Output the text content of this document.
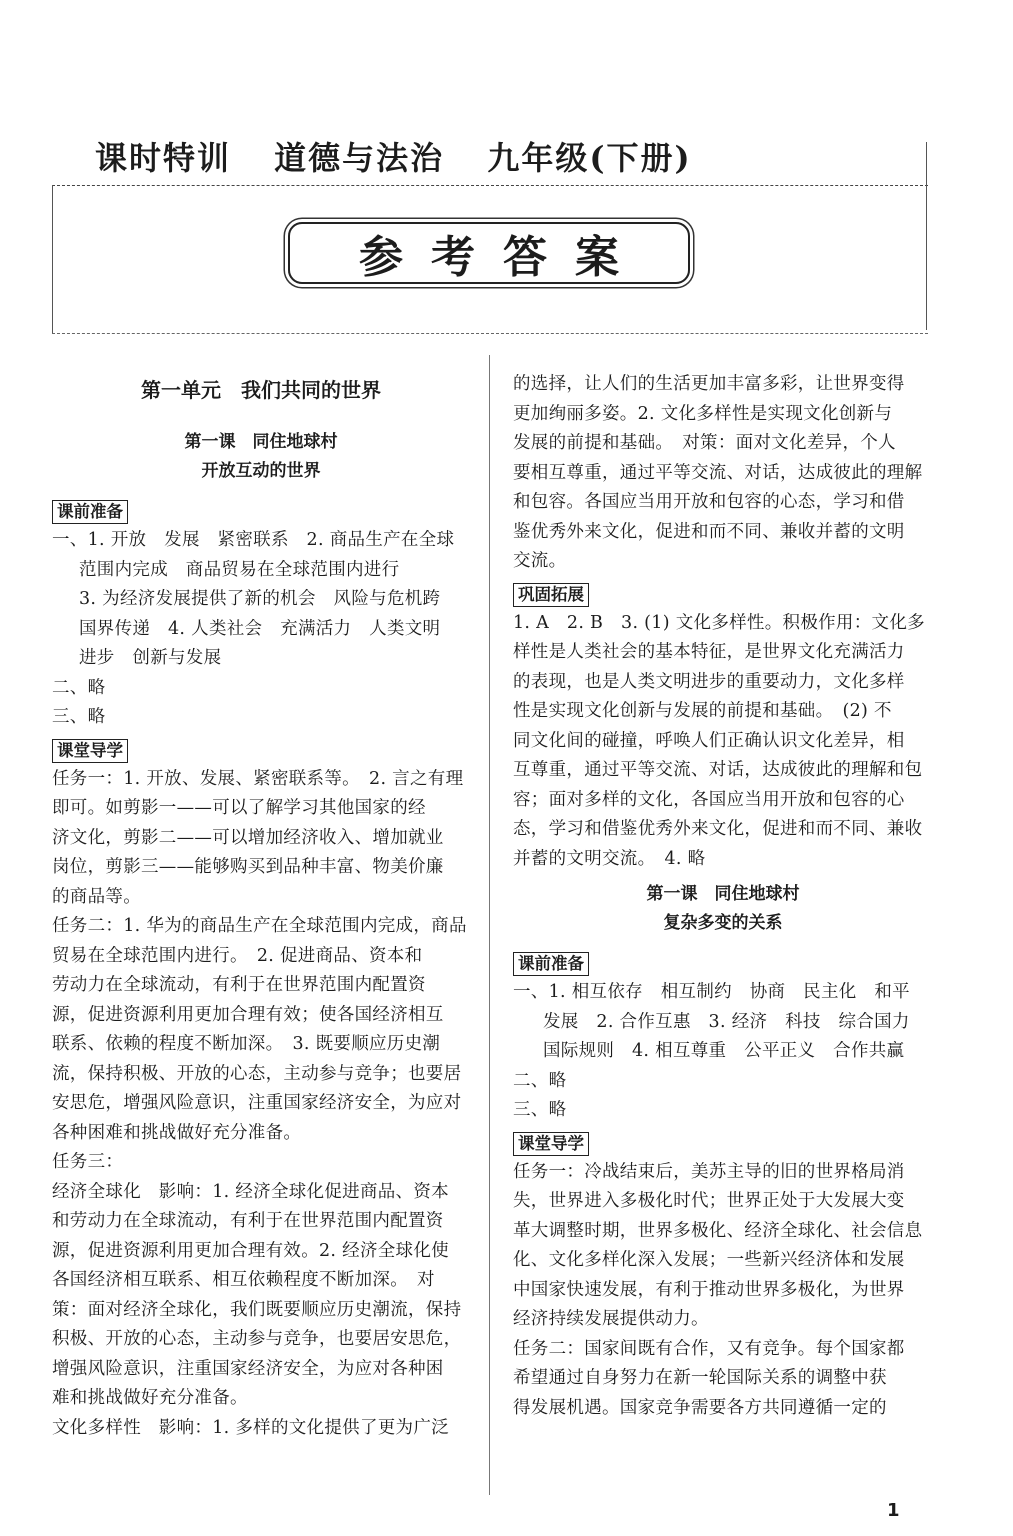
课时特训 道德与法治 九年级(下册)
参考答案
第一单元　我们共同的世界
第一课　同住地球村
开放互动的世界
课前准备
一、1. 开放　发展　紧密联系　2. 商品生产在全球
范围内完成　商品贸易在全球范围内进行
3. 为经济发展提供了新的机会　风险与危机跨
国界传递　4. 人类社会　充满活力　人类文明
进步　创新与发展
二、略
三、略
课堂导学
任务一：1. 开放、发展、紧密联系等。　2. 言之有理
即可。如剪影一——可以了解学习其他国家的经
济文化，剪影二——可以增加经济收入、增加就业
岗位，剪影三——能够购买到品种丰富、物美价廉
的商品等。
任务二：1. 华为的商品生产在全球范围内完成，商品
贸易在全球范围内进行。　2. 促进商品、资本和
劳动力在全球流动，有利于在世界范围内配置资
源，促进资源利用更加合理有效；使各国经济相互
联系、依赖的程度不断加深。　3. 既要顺应历史潮
流，保持积极、开放的心态，主动参与竞争；也要居
安思危，增强风险意识，注重国家经济安全，为应对
各种困难和挑战做好充分准备。
任务三：
经济全球化　影响：1. 经济全球化促进商品、资本
和劳动力在全球流动，有利于在世界范围内配置资
源，促进资源利用更加合理有效。2. 经济全球化使
各国经济相互联系、相互依赖程度不断加深。　对
策：面对经济全球化，我们既要顺应历史潮流，保持
积极、开放的心态，主动参与竞争，也要居安思危，
增强风险意识，注重国家经济安全，为应对各种困
难和挑战做好充分准备。
文化多样性　影响：1. 多样的文化提供了更为广泛
的选择，让人们的生活更加丰富多彩，让世界变得
更加绚丽多姿。2. 文化多样性是实现文化创新与
发展的前提和基础。　对策：面对文化差异，个人
要相互尊重，通过平等交流、对话，达成彼此的理解
和包容。各国应当用开放和包容的心态，学习和借
鉴优秀外来文化，促进和而不同、兼收并蓄的文明
交流。
巩固拓展
1. A　2. B　3. (1) 文化多样性。积极作用：文化多
样性是人类社会的基本特征，是世界文化充满活力
的表现，也是人类文明进步的重要动力，文化多样
性是实现文化创新与发展的前提和基础。　(2) 不
同文化间的碰撞，呼唤人们正确认识文化差异，相
互尊重，通过平等交流、对话，达成彼此的理解和包
容；面对多样的文化，各国应当用开放和包容的心
态，学习和借鉴优秀外来文化，促进和而不同、兼收
并蓄的文明交流。　4. 略
第一课　同住地球村
复杂多变的关系
课前准备
一、1. 相互依存　相互制约　协商　民主化　和平
发展　2. 合作互惠　3. 经济　科技　综合国力
国际规则　4. 相互尊重　公平正义　合作共赢
二、略
三、略
课堂导学
任务一：冷战结束后，美苏主导的旧的世界格局消
失，世界进入多极化时代；世界正处于大发展大变
革大调整时期，世界多极化、经济全球化、社会信息
化、文化多样化深入发展；一些新兴经济体和发展
中国家快速发展，有利于推动世界多极化，为世界
经济持续发展提供动力。
任务二：国家间既有合作，又有竞争。每个国家都
希望通过自身努力在新一轮国际关系的调整中获
得发展机遇。国家竞争需要各方共同遵循一定的
1
